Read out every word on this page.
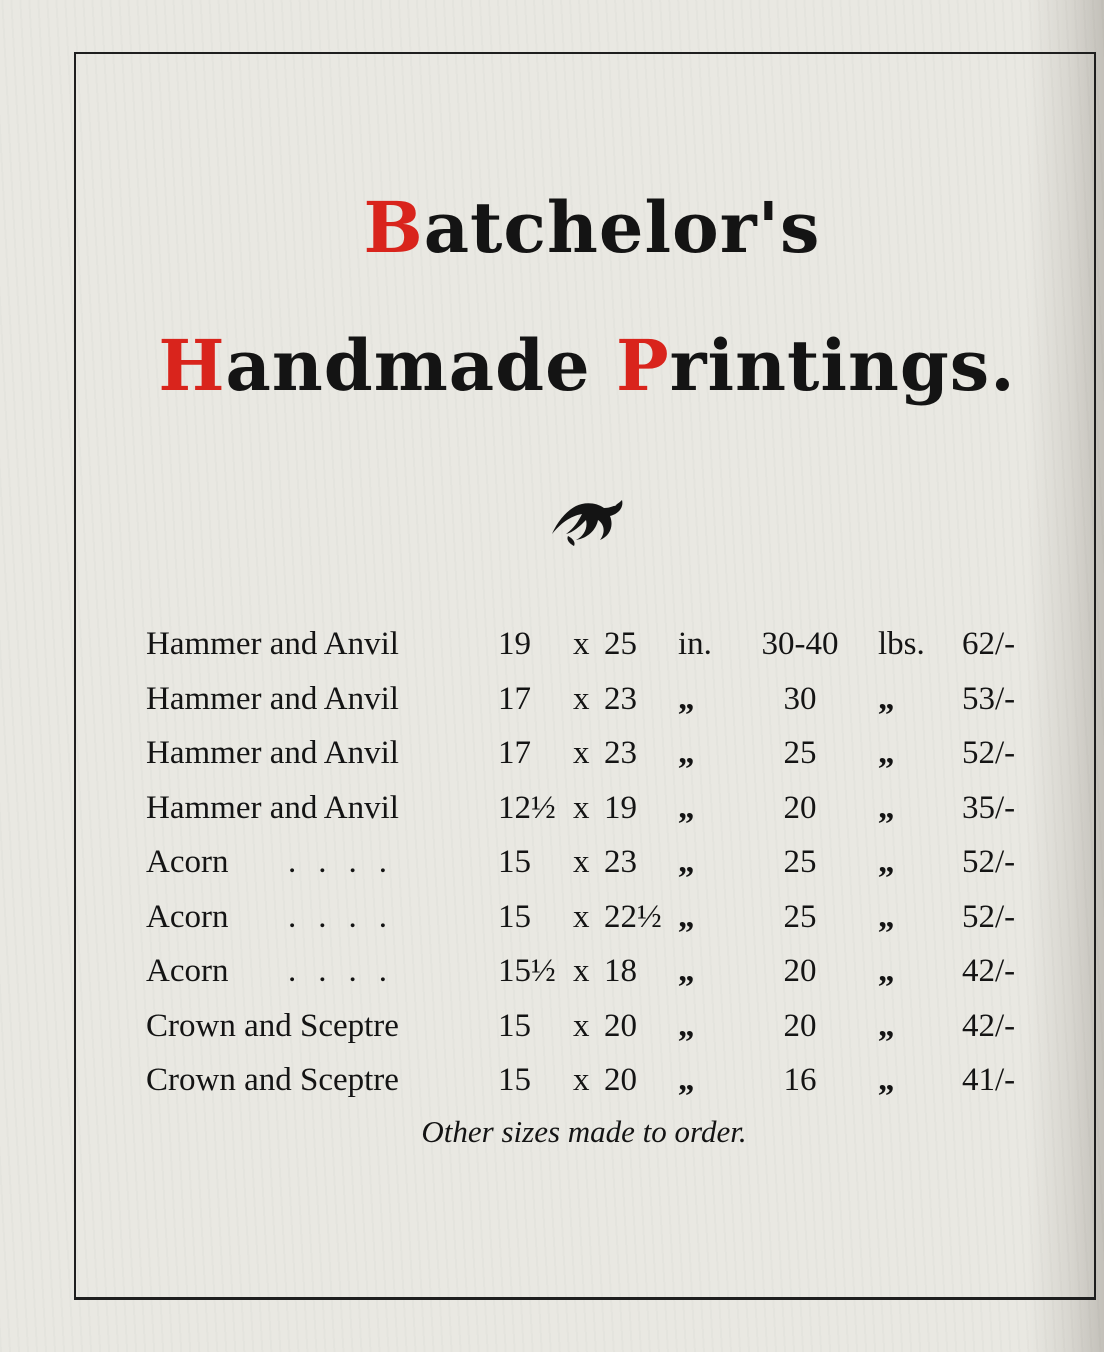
Batchelor's
Handmade Printings.
Hammer and Anvil	19	x 25 in.	30-40	lbs. 62/-
Hammer and Anvil	17	x 23 „	30	„ 53/-
Hammer and Anvil	17	x 23 „	25	„ 52/-
Hammer and Anvil	12½ x 19 „	20	„ 35/-
Acorn ....	15	x 23 „	25	„ 52/-
Acorn ....	15	x 22½ „	25	„ 52/-
Acorn ....	15½ x 18 „	20	„ 42/-
Crown and Sceptre	15	x 20 „	20	„ 42/-
Crown and Sceptre	15	x 20 „	16	„ 41/-
Other sizes made to order.
